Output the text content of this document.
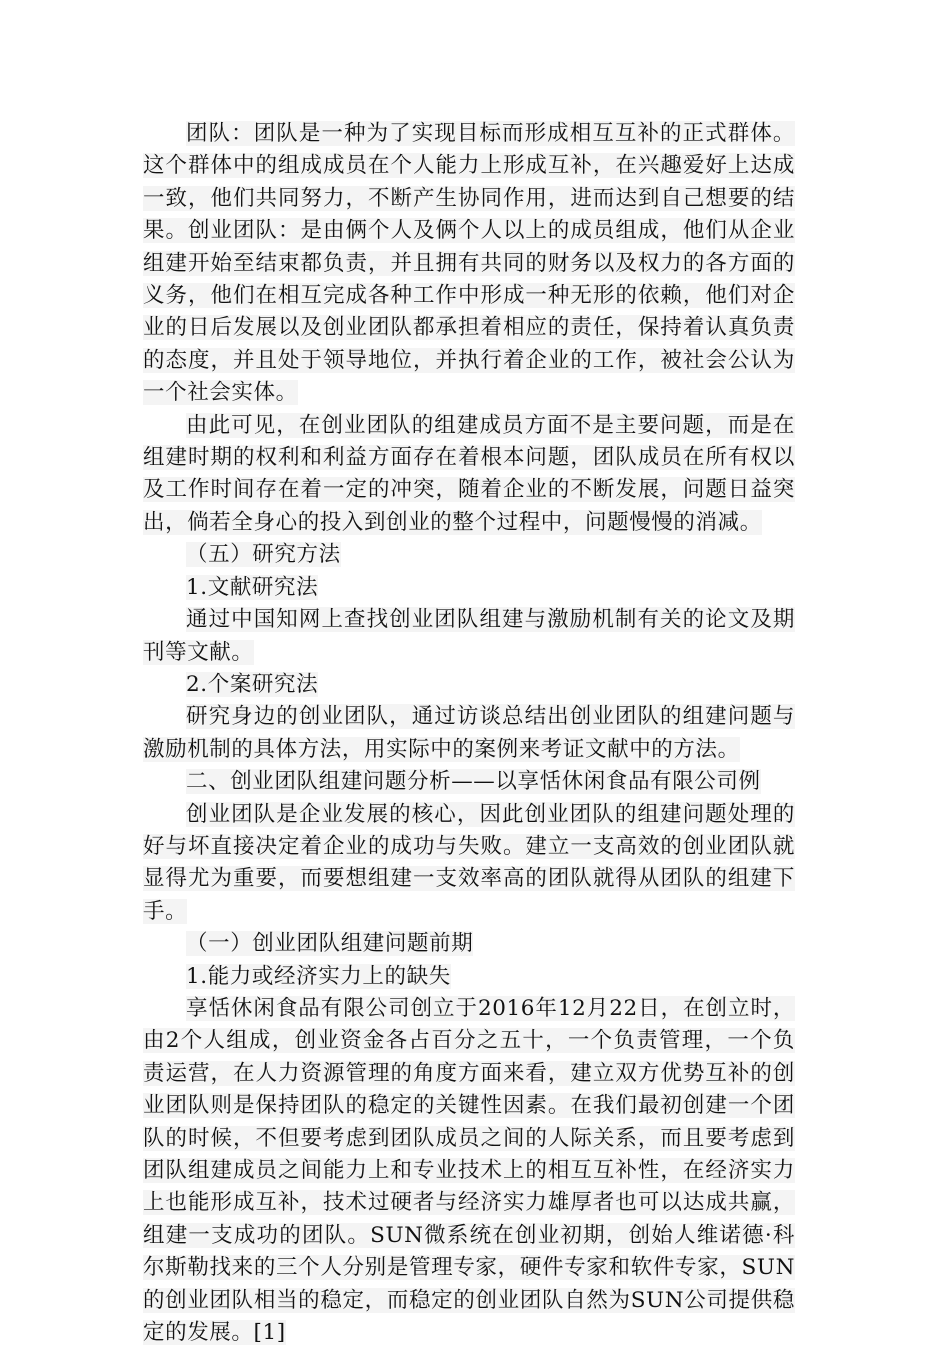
团队：团队是一种为了实现目标而形成相互互补的正式群体。这个群体中的组成成员在个人能力上形成互补，在兴趣爱好上达成一致，他们共同努力，不断产生协同作用，进而达到自己想要的结果。创业团队：是由俩个人及俩个人以上的成员组成，他们从企业组建开始至结束都负责，并且拥有共同的财务以及权力的各方面的义务，他们在相互完成各种工作中形成一种无形的依赖，他们对企业的日后发展以及创业团队都承担着相应的责任，保持着认真负责的态度，并且处于领导地位，并执行着企业的工作，被社会公认为一个社会实体。

由此可见，在创业团队的组建成员方面不是主要问题，而是在组建时期的权利和利益方面存在着根本问题，团队成员在所有权以及工作时间存在着一定的冲突，随着企业的不断发展，问题日益突出，倘若全身心的投入到创业的整个过程中，问题慢慢的消减。

（五）研究方法

1.文献研究法

通过中国知网上查找创业团队组建与激励机制有关的论文及期刊等文献。

2.个案研究法

研究身边的创业团队，通过访谈总结出创业团队的组建问题与激励机制的具体方法，用实际中的案例来考证文献中的方法。

二、创业团队组建问题分析——以享恬休闲食品有限公司例

创业团队是企业发展的核心，因此创业团队的组建问题处理的好与坏直接决定着企业的成功与失败。建立一支高效的创业团队就显得尤为重要，而要想组建一支效率高的团队就得从团队的组建下手。

（一）创业团队组建问题前期

1.能力或经济实力上的缺失

享恬休闲食品有限公司创立于2016年12月22日，在创立时，由2个人组成，创业资金各占百分之五十，一个负责管理，一个负责运营，在人力资源管理的角度方面来看，建立双方优势互补的创业团队则是保持团队的稳定的关键性因素。在我们最初创建一个团队的时候，不但要考虑到团队成员之间的人际关系，而且要考虑到团队组建成员之间能力上和专业技术上的相互互补性，在经济实力上也能形成互补，技术过硬者与经济实力雄厚者也可以达成共赢，组建一支成功的团队。SUN微系统在创业初期，创始人维诺德·科尔斯勒找来的三个人分别是管理专家，硬件专家和软件专家，SUN的创业团队相当的稳定，而稳定的创业团队自然为SUN公司提供稳定的发展。[1]
